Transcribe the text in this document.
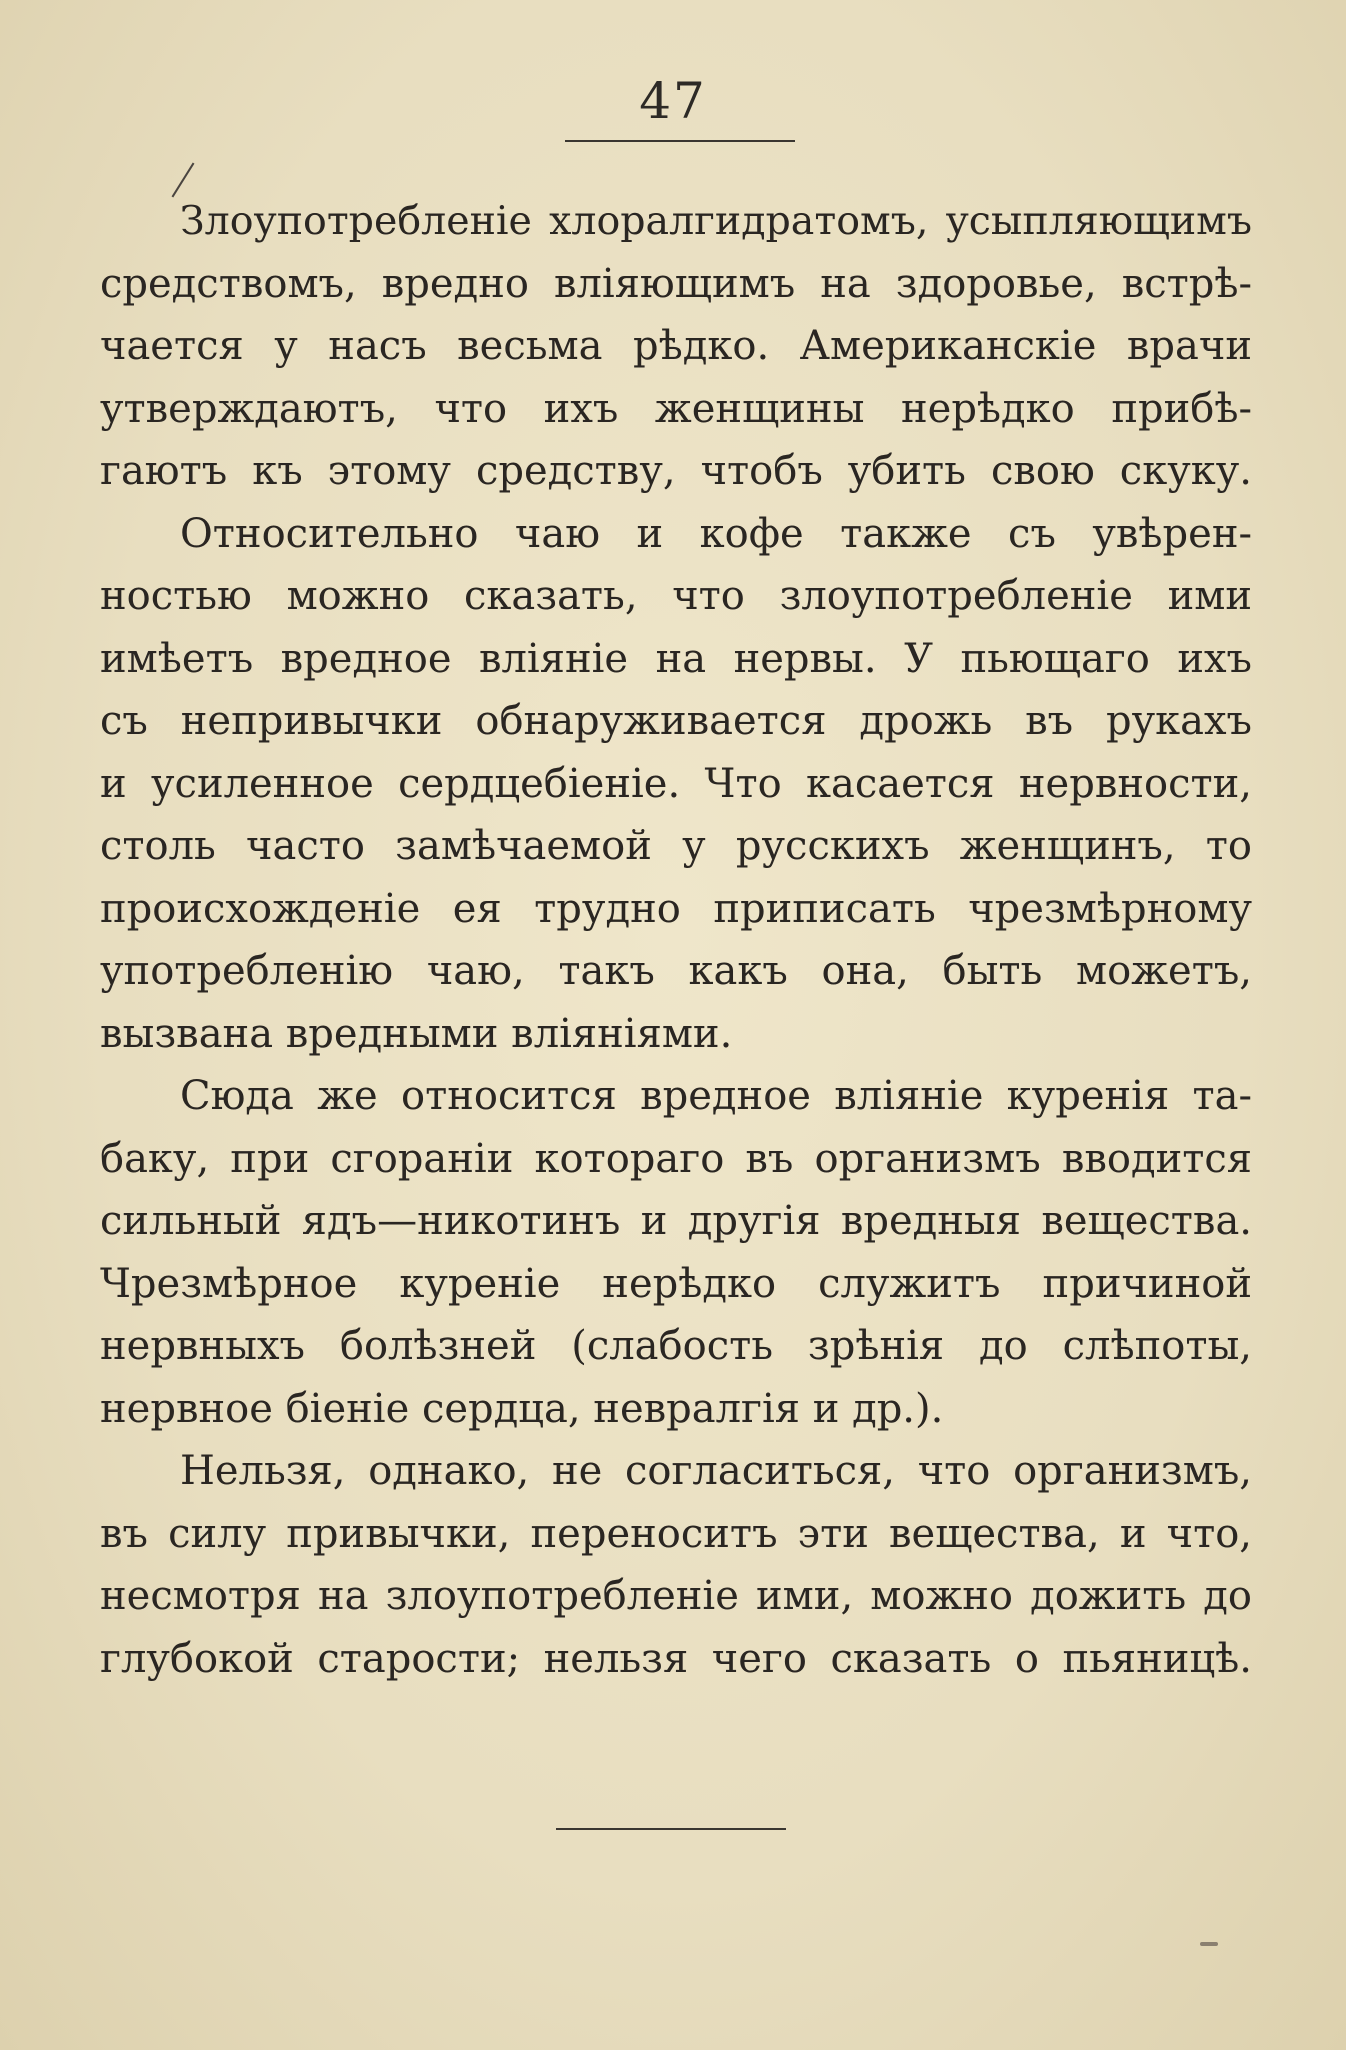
47
Злоупотребленіе хлоралгидратомъ, усыпляющимъ
средствомъ, вредно вліяющимъ на здоровье, встрѣ-
чается у насъ весьма рѣдко. Американскіе врачи
утверждаютъ, что ихъ женщины нерѣдко прибѣ-
гаютъ къ этому средству, чтобъ убить свою скуку.
Относительно чаю и кофе также съ увѣрен-
ностью можно сказать, что злоупотребленіе ими
имѣетъ вредное вліяніе на нервы. У пьющаго ихъ
съ непривычки обнаруживается дрожь въ рукахъ
и усиленное сердцебіеніе. Что касается нервности,
столь часто замѣчаемой у русскихъ женщинъ, то
происхожденіе ея трудно приписать чрезмѣрному
употребленію чаю, такъ какъ она, быть можетъ,
вызвана вредными вліяніями.
Сюда же относится вредное вліяніе куренія та-
баку, при сгораніи котораго въ организмъ вводится
сильный ядъ—никотинъ и другія вредныя вещества.
Чрезмѣрное куреніе нерѣдко служитъ причиной
нервныхъ болѣзней (слабость зрѣнія до слѣпоты,
нервное біеніе сердца, невралгія и др.).
Нельзя, однако, не согласиться, что организмъ,
въ силу привычки, переноситъ эти вещества, и что,
несмотря на злоупотребленіе ими, можно дожить до
глубокой старости; нельзя чего сказать о пьяницѣ.
